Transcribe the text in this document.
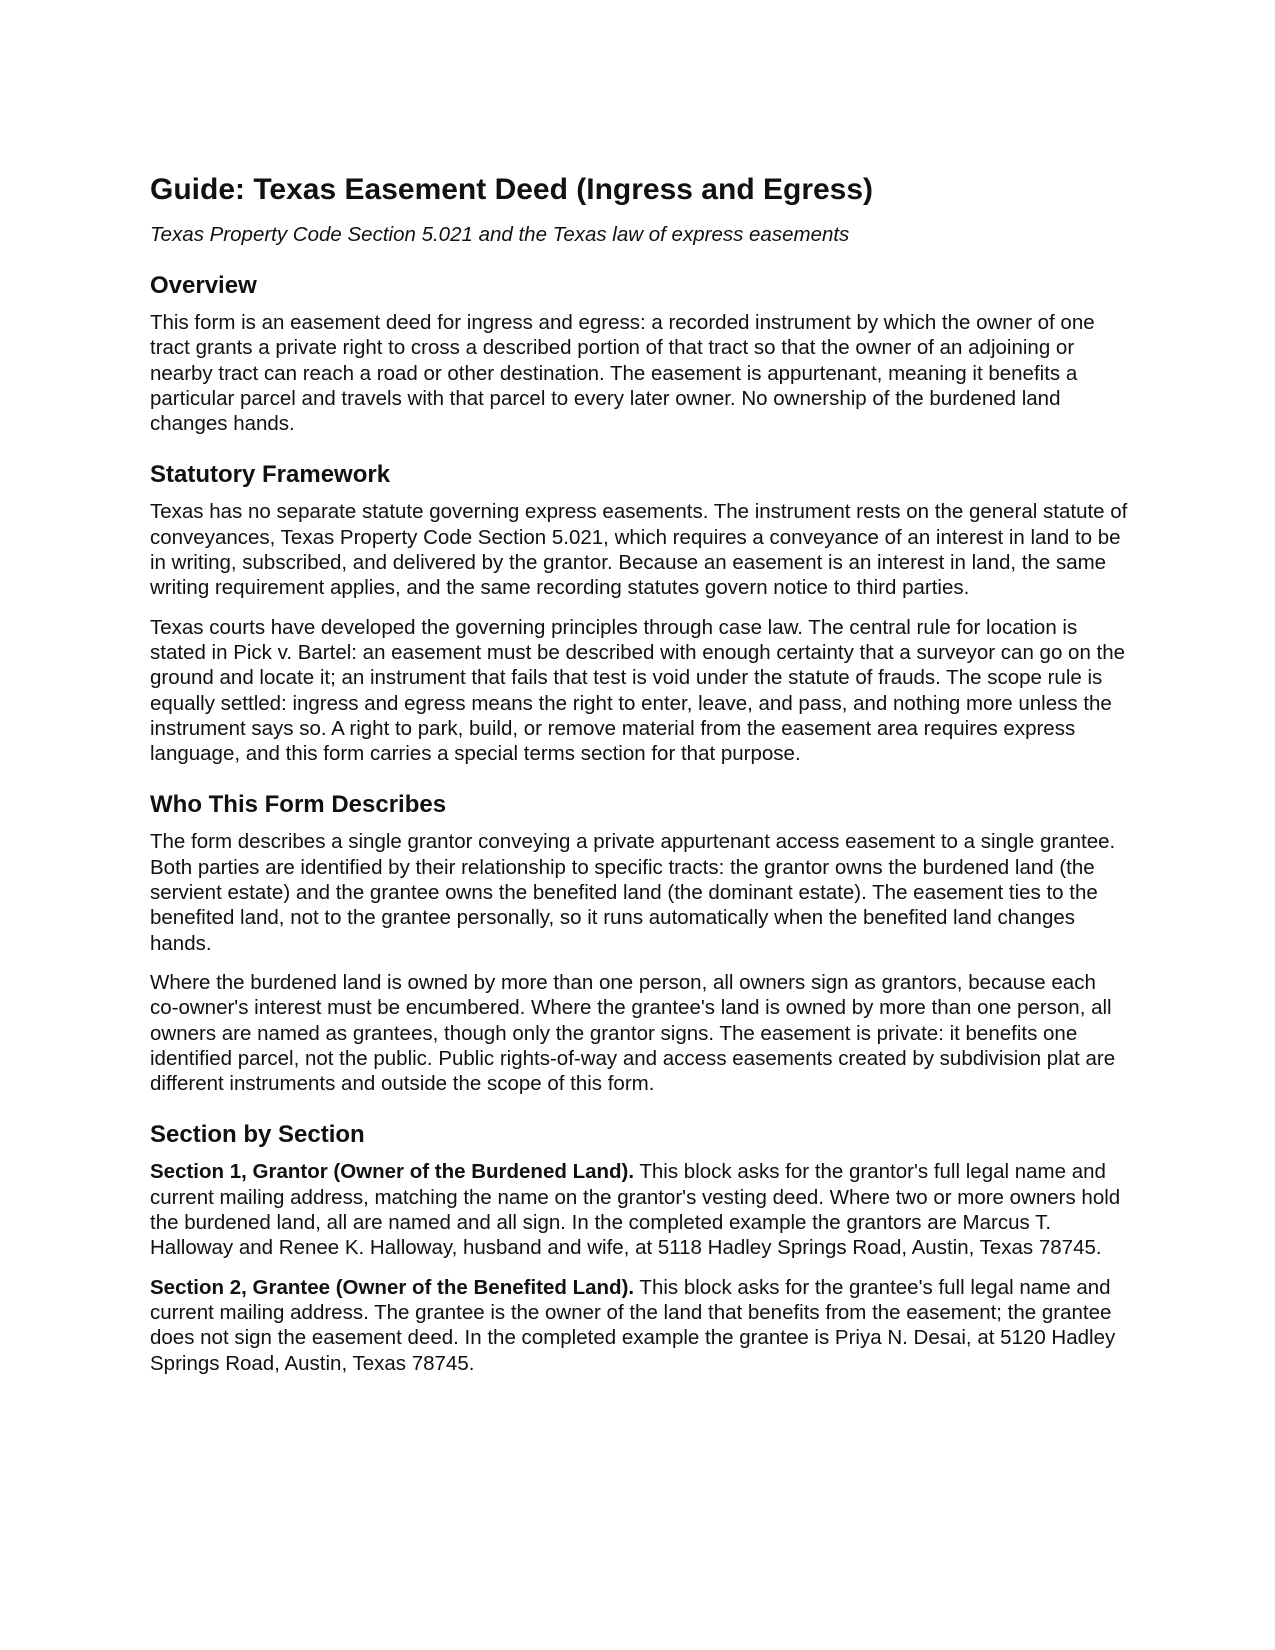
Guide: Texas Easement Deed (Ingress and Egress)

Texas Property Code Section 5.021 and the Texas law of express easements

Overview

This form is an easement deed for ingress and egress: a recorded instrument by which the owner of one tract grants a private right to cross a described portion of that tract so that the owner of an adjoining or nearby tract can reach a road or other destination. The easement is appurtenant, meaning it benefits a particular parcel and travels with that parcel to every later owner. No ownership of the burdened land changes hands.

Statutory Framework

Texas has no separate statute governing express easements. The instrument rests on the general statute of conveyances, Texas Property Code Section 5.021, which requires a conveyance of an interest in land to be in writing, subscribed, and delivered by the grantor. Because an easement is an interest in land, the same writing requirement applies, and the same recording statutes govern notice to third parties.

Texas courts have developed the governing principles through case law. The central rule for location is stated in Pick v. Bartel: an easement must be described with enough certainty that a surveyor can go on the ground and locate it; an instrument that fails that test is void under the statute of frauds. The scope rule is equally settled: ingress and egress means the right to enter, leave, and pass, and nothing more unless the instrument says so. A right to park, build, or remove material from the easement area requires express language, and this form carries a special terms section for that purpose.

Who This Form Describes

The form describes a single grantor conveying a private appurtenant access easement to a single grantee. Both parties are identified by their relationship to specific tracts: the grantor owns the burdened land (the servient estate) and the grantee owns the benefited land (the dominant estate). The easement ties to the benefited land, not to the grantee personally, so it runs automatically when the benefited land changes hands.

Where the burdened land is owned by more than one person, all owners sign as grantors, because each co-owner's interest must be encumbered. Where the grantee's land is owned by more than one person, all owners are named as grantees, though only the grantor signs. The easement is private: it benefits one identified parcel, not the public. Public rights-of-way and access easements created by subdivision plat are different instruments and outside the scope of this form.

Section by Section

Section 1, Grantor (Owner of the Burdened Land). This block asks for the grantor's full legal name and current mailing address, matching the name on the grantor's vesting deed. Where two or more owners hold the burdened land, all are named and all sign. In the completed example the grantors are Marcus T. Halloway and Renee K. Halloway, husband and wife, at 5118 Hadley Springs Road, Austin, Texas 78745.

Section 2, Grantee (Owner of the Benefited Land). This block asks for the grantee's full legal name and current mailing address. The grantee is the owner of the land that benefits from the easement; the grantee does not sign the easement deed. In the completed example the grantee is Priya N. Desai, at 5120 Hadley Springs Road, Austin, Texas 78745.
